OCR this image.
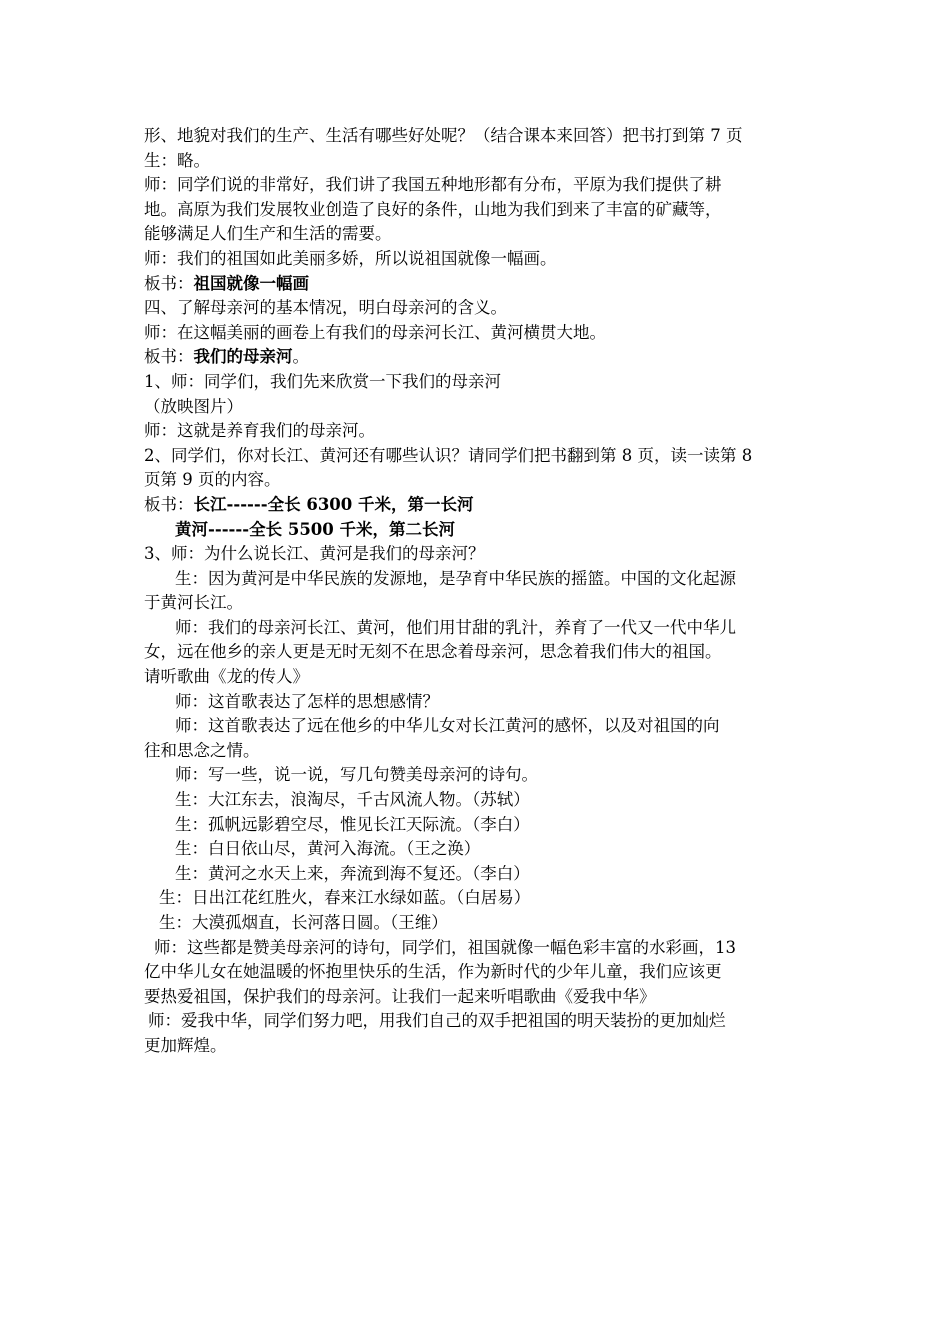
形、地貌对我们的生产、生活有哪些好处呢？（结合课本来回答）把书打到第 7 页
生：略。
师：同学们说的非常好，我们讲了我国五种地形都有分布，平原为我们提供了耕
地。高原为我们发展牧业创造了良好的条件，山地为我们到来了丰富的矿藏等，
能够满足人们生产和生活的需要。
师：我们的祖国如此美丽多娇，所以说祖国就像一幅画。
板书：祖国就像一幅画
四、了解母亲河的基本情况，明白母亲河的含义。
师：在这幅美丽的画卷上有我们的母亲河长江、黄河横贯大地。
板书：我们的母亲河。
1、师：同学们，我们先来欣赏一下我们的母亲河
（放映图片）
师：这就是养育我们的母亲河。
2、同学们，你对长江、黄河还有哪些认识？请同学们把书翻到第 8 页，读一读第 8
页第 9 页的内容。
板书：长江------全长 6300 千米，第一长河
黄河------全长 5500 千米，第二长河
3、师：为什么说长江、黄河是我们的母亲河？
生：因为黄河是中华民族的发源地，是孕育中华民族的摇篮。中国的文化起源
于黄河长江。
师：我们的母亲河长江、黄河，他们用甘甜的乳汁，养育了一代又一代中华儿
女，远在他乡的亲人更是无时无刻不在思念着母亲河，思念着我们伟大的祖国。
请听歌曲《龙的传人》
师：这首歌表达了怎样的思想感情？
师：这首歌表达了远在他乡的中华儿女对长江黄河的感怀，以及对祖国的向
往和思念之情。
师：写一些，说一说，写几句赞美母亲河的诗句。
生：大江东去，浪淘尽，千古风流人物。（苏轼）
生：孤帆远影碧空尽，惟见长江天际流。（李白）
生：白日依山尽，黄河入海流。（王之涣）
生：黄河之水天上来，奔流到海不复还。（李白）
生：日出江花红胜火，春来江水绿如蓝。（白居易）
生：大漠孤烟直，长河落日圆。（王维）
师：这些都是赞美母亲河的诗句，同学们，祖国就像一幅色彩丰富的水彩画，13
亿中华儿女在她温暖的怀抱里快乐的生活，作为新时代的少年儿童，我们应该更
要热爱祖国，保护我们的母亲河。让我们一起来听唱歌曲《爱我中华》
师：爱我中华，同学们努力吧，用我们自己的双手把祖国的明天装扮的更加灿烂
更加辉煌。
